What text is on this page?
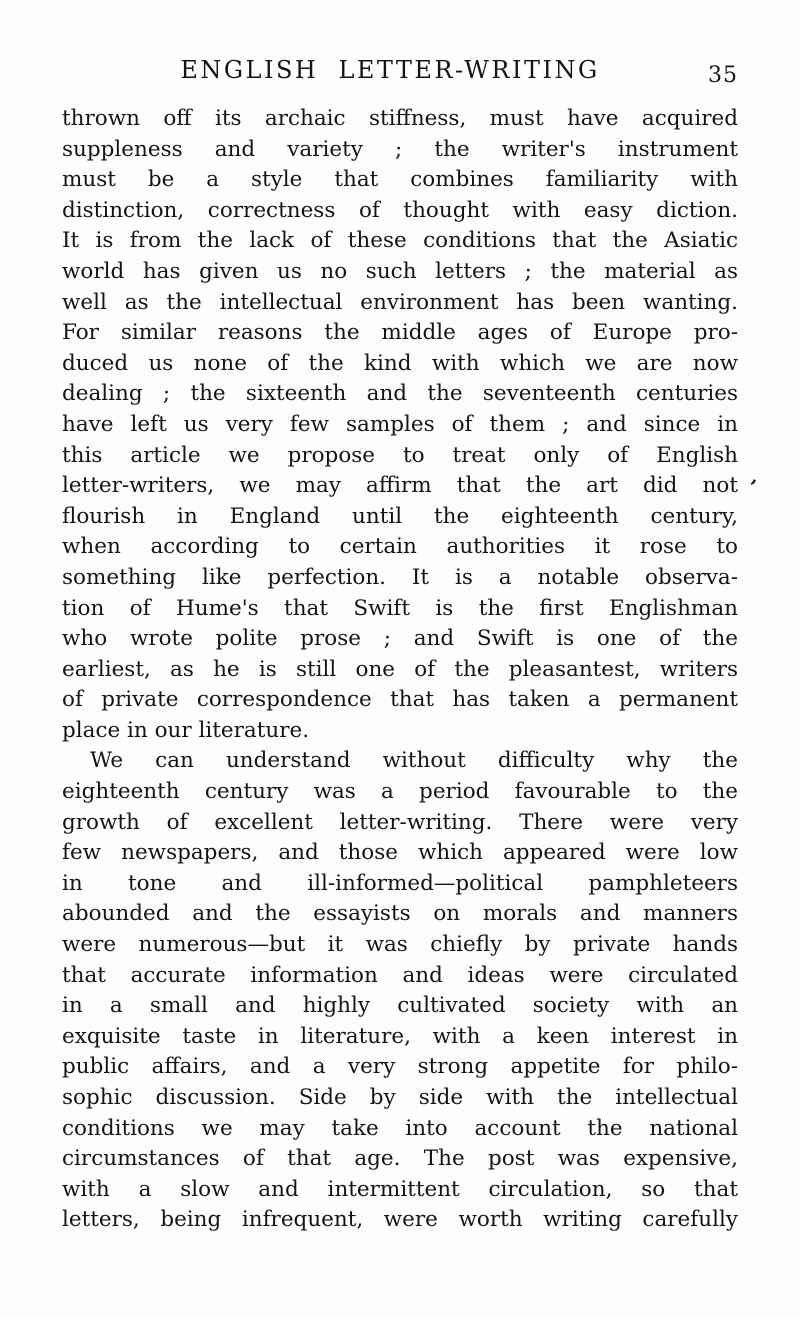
ENGLISH LETTER-WRITING	35
thrown off its archaic stiffness, must have acquired
suppleness and variety ; the writer's instrument
must be a style that combines familiarity with
distinction, correctness of thought with easy diction.
It is from the lack of these conditions that the Asiatic
world has given us no such letters ; the material as
well as the intellectual environment has been wanting.
For similar reasons the middle ages of Europe pro-
duced us none of the kind with which we are now
dealing ; the sixteenth and the seventeenth centuries
have left us very few samples of them ; and since in
this article we propose to treat only of English
letter-writers, we may affirm that the art did not ’
flourish in England until the eighteenth century,
when according to certain authorities it rose to
something like perfection. It is a notable observa-
tion of Hume's that Swift is the first Englishman
who wrote polite prose ; and Swift is one of the
earliest, as he is still one of the pleasantest, writers
of private correspondence that has taken a permanent
place in our literature.
We can understand without difficulty why the
eighteenth century was a period favourable to the
growth of excellent letter-writing. There were very
few newspapers, and those which appeared were low
in tone and ill-informed—political pamphleteers
abounded and the essayists on morals and manners
were numerous—but it was chiefly by private hands
that accurate information and ideas were circulated
in a small and highly cultivated society with an
exquisite taste in literature, with a keen interest in
public affairs, and a very strong appetite for philo-
sophic discussion. Side by side with the intellectual
conditions we may take into account the national
circumstances of that age. The post was expensive,
with a slow and intermittent circulation, so that
letters, being infrequent, were worth writing carefully
